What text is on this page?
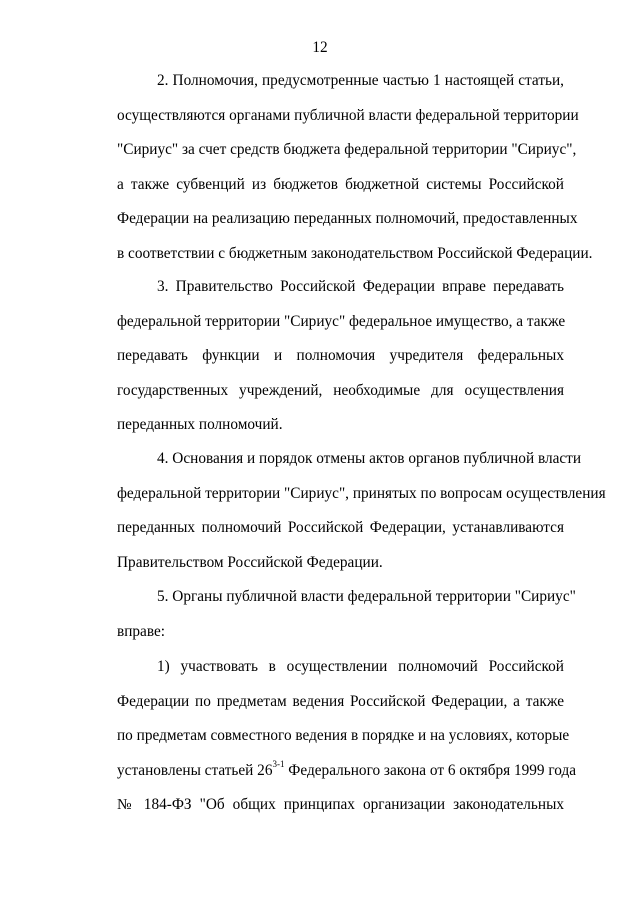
12
2. Полномочия, предусмотренные частью 1 настоящей статьи,
осуществляются органами публичной власти федеральной территории
"Сириус" за счет средств бюджета федеральной территории "Сириус",
а также субвенций из бюджетов бюджетной системы Российской
Федерации на реализацию переданных полномочий, предоставленных
в соответствии с бюджетным законодательством Российской Федерации.
3. Правительство Российской Федерации вправе передавать
федеральной территории "Сириус" федеральное имущество, а также
передавать функции и полномочия учредителя федеральных
государственных учреждений, необходимые для осуществления
переданных полномочий.
4. Основания и порядок отмены актов органов публичной власти
федеральной территории "Сириус", принятых по вопросам осуществления
переданных полномочий Российской Федерации, устанавливаются
Правительством Российской Федерации.
5. Органы публичной власти федеральной территории "Сириус"
вправе:
1) участвовать в осуществлении полномочий Российской
Федерации по предметам ведения Российской Федерации, а также
по предметам совместного ведения в порядке и на условиях, которые
установлены статьей 26$^{3-1}$ Федерального закона от 6 октября 1999 года
№ 184-ФЗ "Об общих принципах организации законодательных
